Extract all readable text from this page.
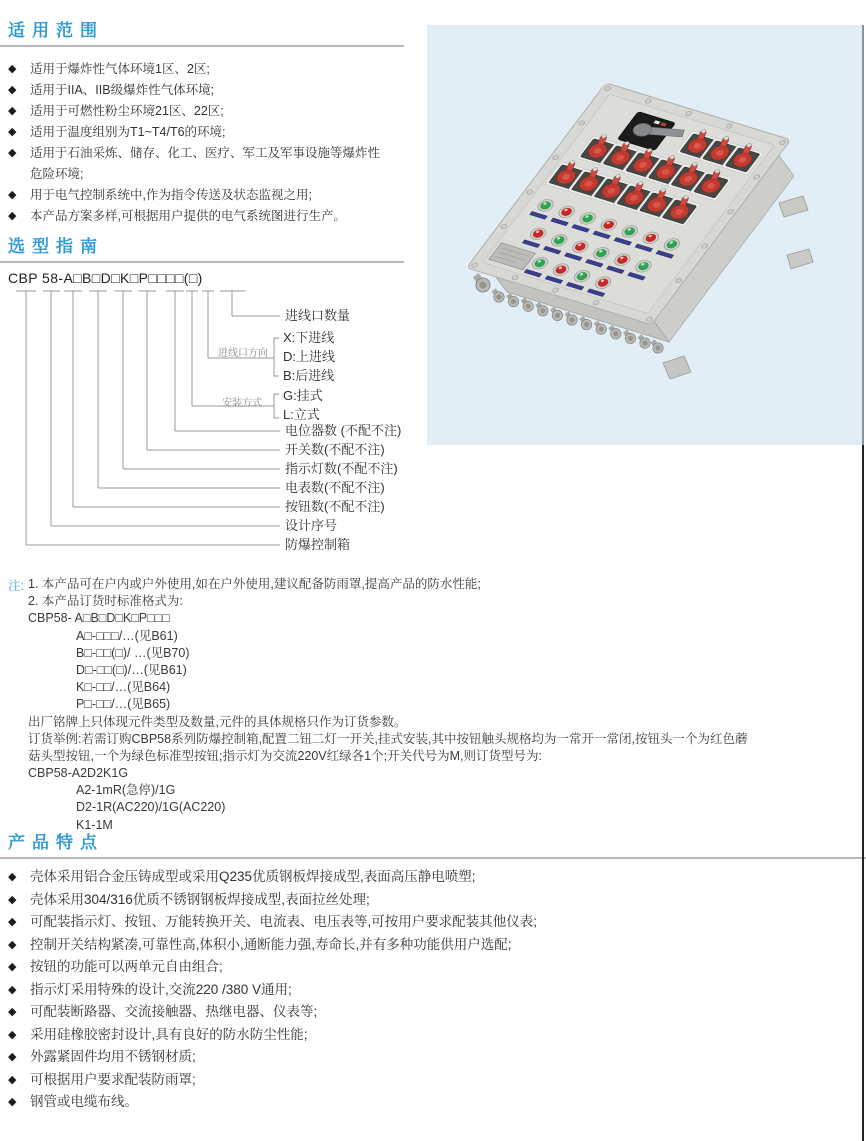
适用范围
◆ 适用于爆炸性气体环境1区、2区;
◆ 适用于IIA、IIB级爆炸性气体环境;
◆ 适用于可燃性粉尘环境21区、22区;
◆ 适用于温度组别为T1~T4/T6的环境;
◆ 适用于石油采炼、储存、化工、医疗、军工及军事设施等爆炸性
危险环境;
◆ 用于电气控制系统中,作为指令传送及状态监视之用;
◆ 本产品方案多样,可根据用户提供的电气系统图进行生产。
选型指南
CBP 58-A□B□D□K□P□□□□(□)
进线口数量
进线口方向
X:下进线
D:上进线
B:后进线
安装方式
G:挂式
L:立式
电位器数 (不配不注)
开关数(不配不注)
指示灯数(不配不注)
电表数(不配不注)
按钮数(不配不注)
设计序号
防爆控制箱
注: 1. 本产品可在户内或户外使用,如在户外使用,建议配备防雨罩,提高产品的防水性能;
2. 本产品订货时标准格式为:
CBP58- A□B□D□K□P□□□
A□-□□□/…(见B61)
B□-□□(□)/ …(见B70)
D□-□□(□)/…(见B61)
K□-□□/…(见B64)
P□-□□/…(见B65)
出厂铭牌上只体现元件类型及数量,元件的具体规格只作为订货参数。
订货举例:若需订购CBP58系列防爆控制箱,配置二钮二灯一开关,挂式安装,其中按钮触头规格均为一常开一常闭,按钮头一个为红色蘑
菇头型按钮,一个为绿色标准型按钮;指示灯为交流220V红绿各1个;开关代号为M,则订货型号为:
CBP58-A2D2K1G
A2-1mR(急停)/1G
D2-1R(AC220)/1G(AC220)
K1-1M
产品特点
◆ 壳体采用铝合金压铸成型或采用Q235优质钢板焊接成型,表面高压静电喷塑;
◆ 壳体采用304/316优质不锈钢钢板焊接成型,表面拉丝处理;
◆ 可配装指示灯、按钮、万能转换开关、电流表、电压表等,可按用户要求配装其他仪表;
◆ 控制开关结构紧凑,可靠性高,体积小,通断能力强,寿命长,并有多种功能供用户选配;
◆ 按钮的功能可以两单元自由组合;
◆ 指示灯采用特殊的设计,交流220 /380 V通用;
◆ 可配装断路器、交流接触器、热继电器、仪表等;
◆ 采用硅橡胶密封设计,具有良好的防水防尘性能;
◆ 外露紧固件均用不锈钢材质;
◆ 可根据用户要求配装防雨罩;
◆ 钢管或电缆布线。
